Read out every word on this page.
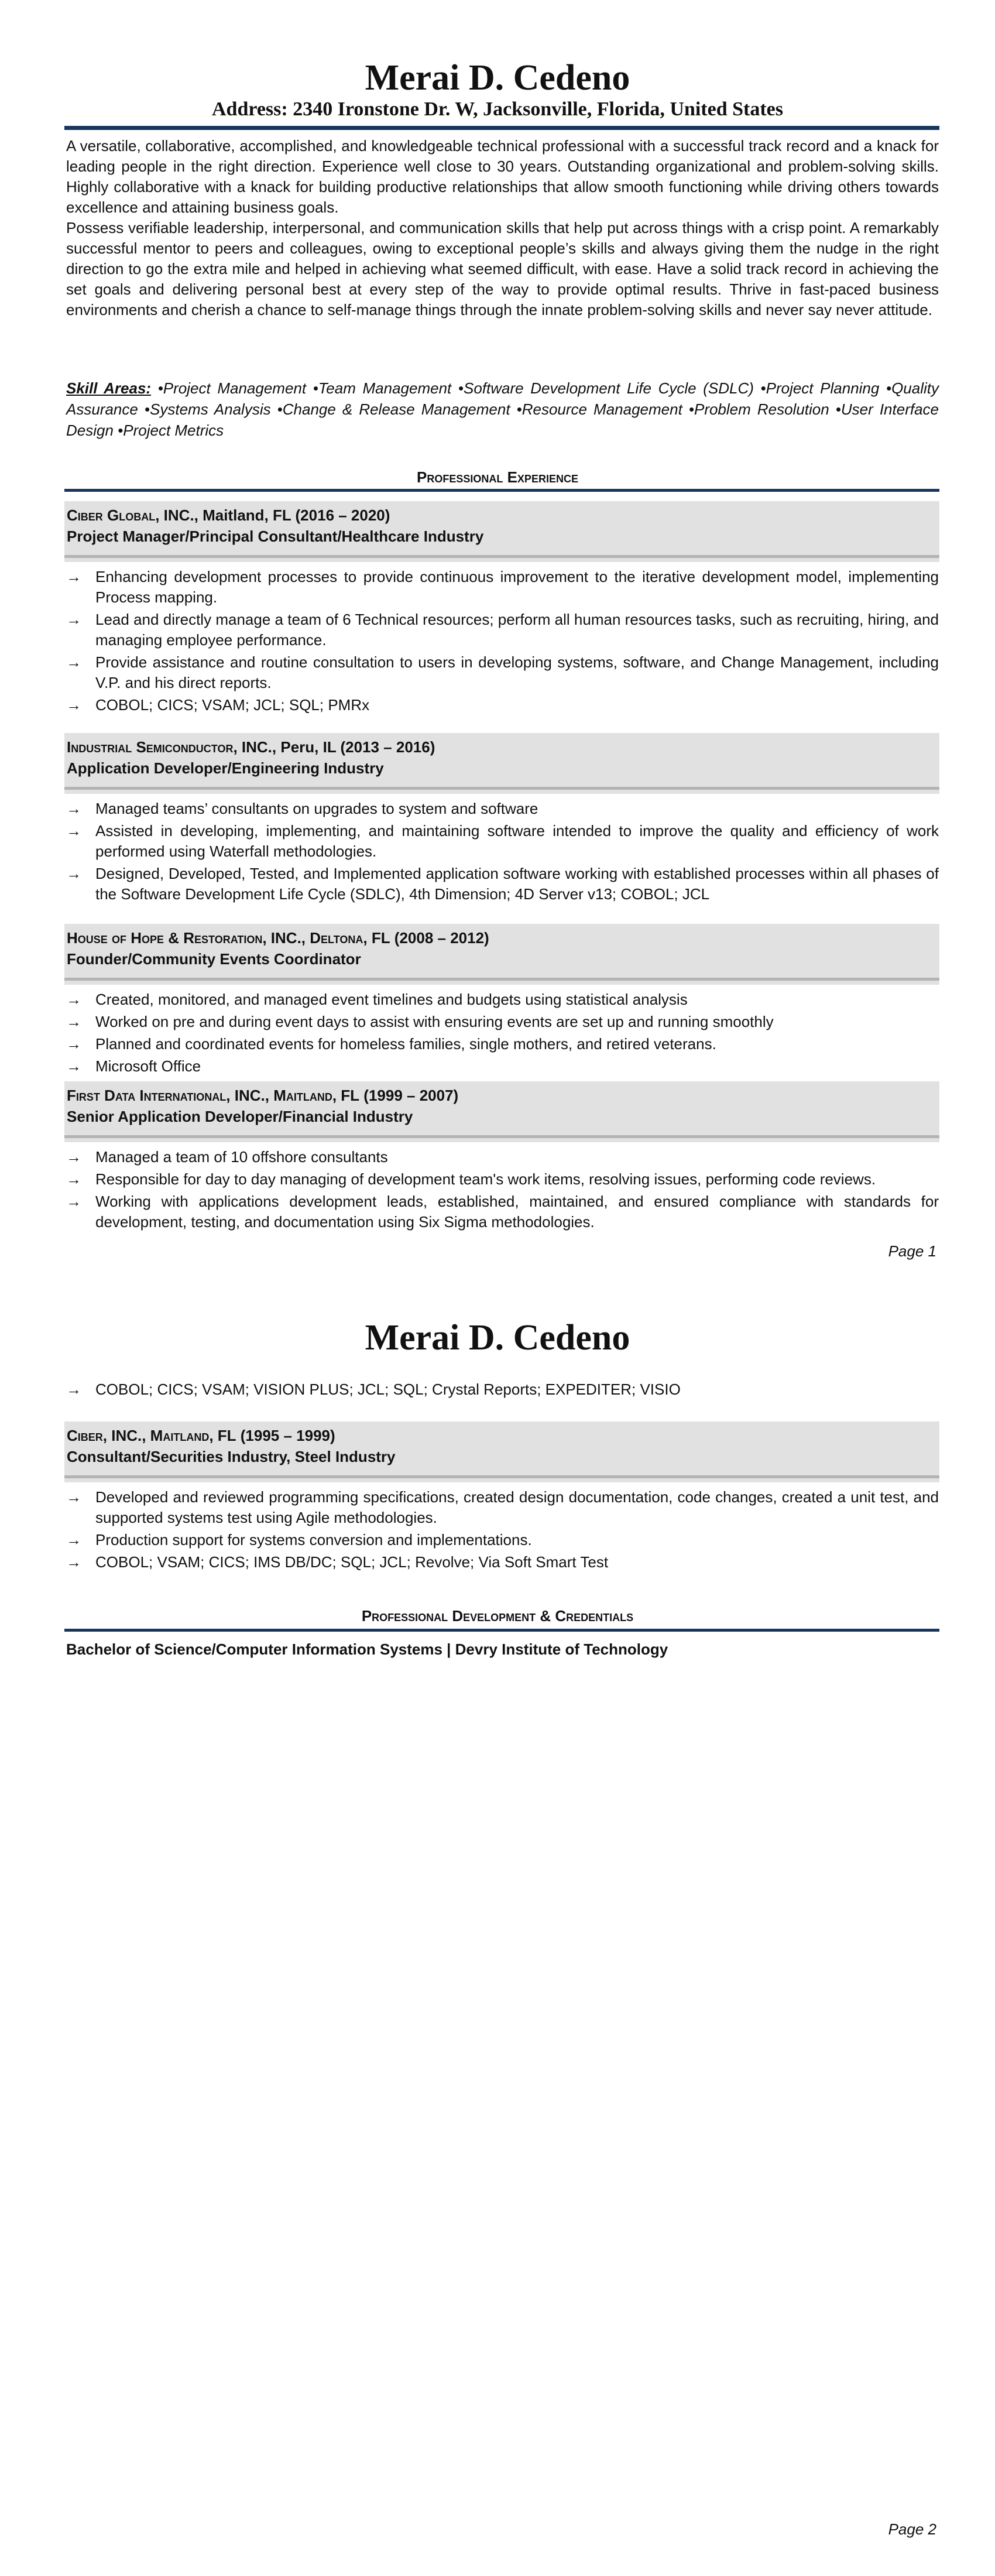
Merai D. Cedeno
Address: 2340 Ironstone Dr. W, Jacksonville, Florida, United States

A versatile, collaborative, accomplished, and knowledgeable technical professional with a successful track record and a knack for leading people in the right direction. Experience well close to 30 years. Outstanding organizational and problem-solving skills. Highly collaborative with a knack for building productive relationships that allow smooth functioning while driving others towards excellence and attaining business goals.

Possess verifiable leadership, interpersonal, and communication skills that help put across things with a crisp point. A remarkably successful mentor to peers and colleagues, owing to exceptional people’s skills and always giving them the nudge in the right direction to go the extra mile and helped in achieving what seemed difficult, with ease. Have a solid track record in achieving the set goals and delivering personal best at every step of the way to provide optimal results. Thrive in fast-paced business environments and cherish a chance to self-manage things through the innate problem-solving skills and never say never attitude.

Skill Areas: •Project Management •Team Management •Software Development Life Cycle (SDLC) •Project Planning •Quality Assurance •Systems Analysis •Change & Release Management •Resource Management •Problem Resolution •User Interface Design •Project Metrics
Professional Experience
Ciber Global, INC., Maitland, FL (2016 – 2020)
Project Manager/Principal Consultant/Healthcare Industry
→ Enhancing development processes to provide continuous improvement to the iterative development model, implementing Process mapping.
→ Lead and directly manage a team of 6 Technical resources; perform all human resources tasks, such as recruiting, hiring, and managing employee performance.
→ Provide assistance and routine consultation to users in developing systems, software, and Change Management, including V.P. and his direct reports.
→ COBOL; CICS; VSAM; JCL; SQL; PMRx
Industrial Semiconductor, INC., Peru, IL (2013 – 2016)
Application Developer/Engineering Industry
→ Managed teams’ consultants on upgrades to system and software
→ Assisted in developing, implementing, and maintaining software intended to improve the quality and efficiency of work performed using Waterfall methodologies.
→ Designed, Developed, Tested, and Implemented application software working with established processes within all phases of the Software Development Life Cycle (SDLC), 4th Dimension; 4D Server v13; COBOL; JCL
House of Hope & Restoration, INC., Deltona, FL (2008 – 2012)
Founder/Community Events Coordinator
→ Created, monitored, and managed event timelines and budgets using statistical analysis
→ Worked on pre and during event days to assist with ensuring events are set up and running smoothly
→ Planned and coordinated events for homeless families, single mothers, and retired veterans.
→ Microsoft Office
First Data International, INC., Maitland, FL (1999 – 2007)
Senior Application Developer/Financial Industry
→ Managed a team of 10 offshore consultants
→ Responsible for day to day managing of development team's work items, resolving issues, performing code reviews.
→ Working with applications development leads, established, maintained, and ensured compliance with standards for development, testing, and documentation using Six Sigma methodologies.
Page 1
Merai D. Cedeno
→ COBOL; CICS; VSAM; VISION PLUS; JCL; SQL; Crystal Reports; EXPEDITER; VISIO
Ciber, INC., Maitland, FL (1995 – 1999)
Consultant/Securities Industry, Steel Industry
→ Developed and reviewed programming specifications, created design documentation, code changes, created a unit test, and supported systems test using Agile methodologies.
→ Production support for systems conversion and implementations.
→ COBOL; VSAM; CICS; IMS DB/DC; SQL; JCL; Revolve; Via Soft Smart Test
Professional Development & Credentials
Bachelor of Science/Computer Information Systems | Devry Institute of Technology
Page 2
